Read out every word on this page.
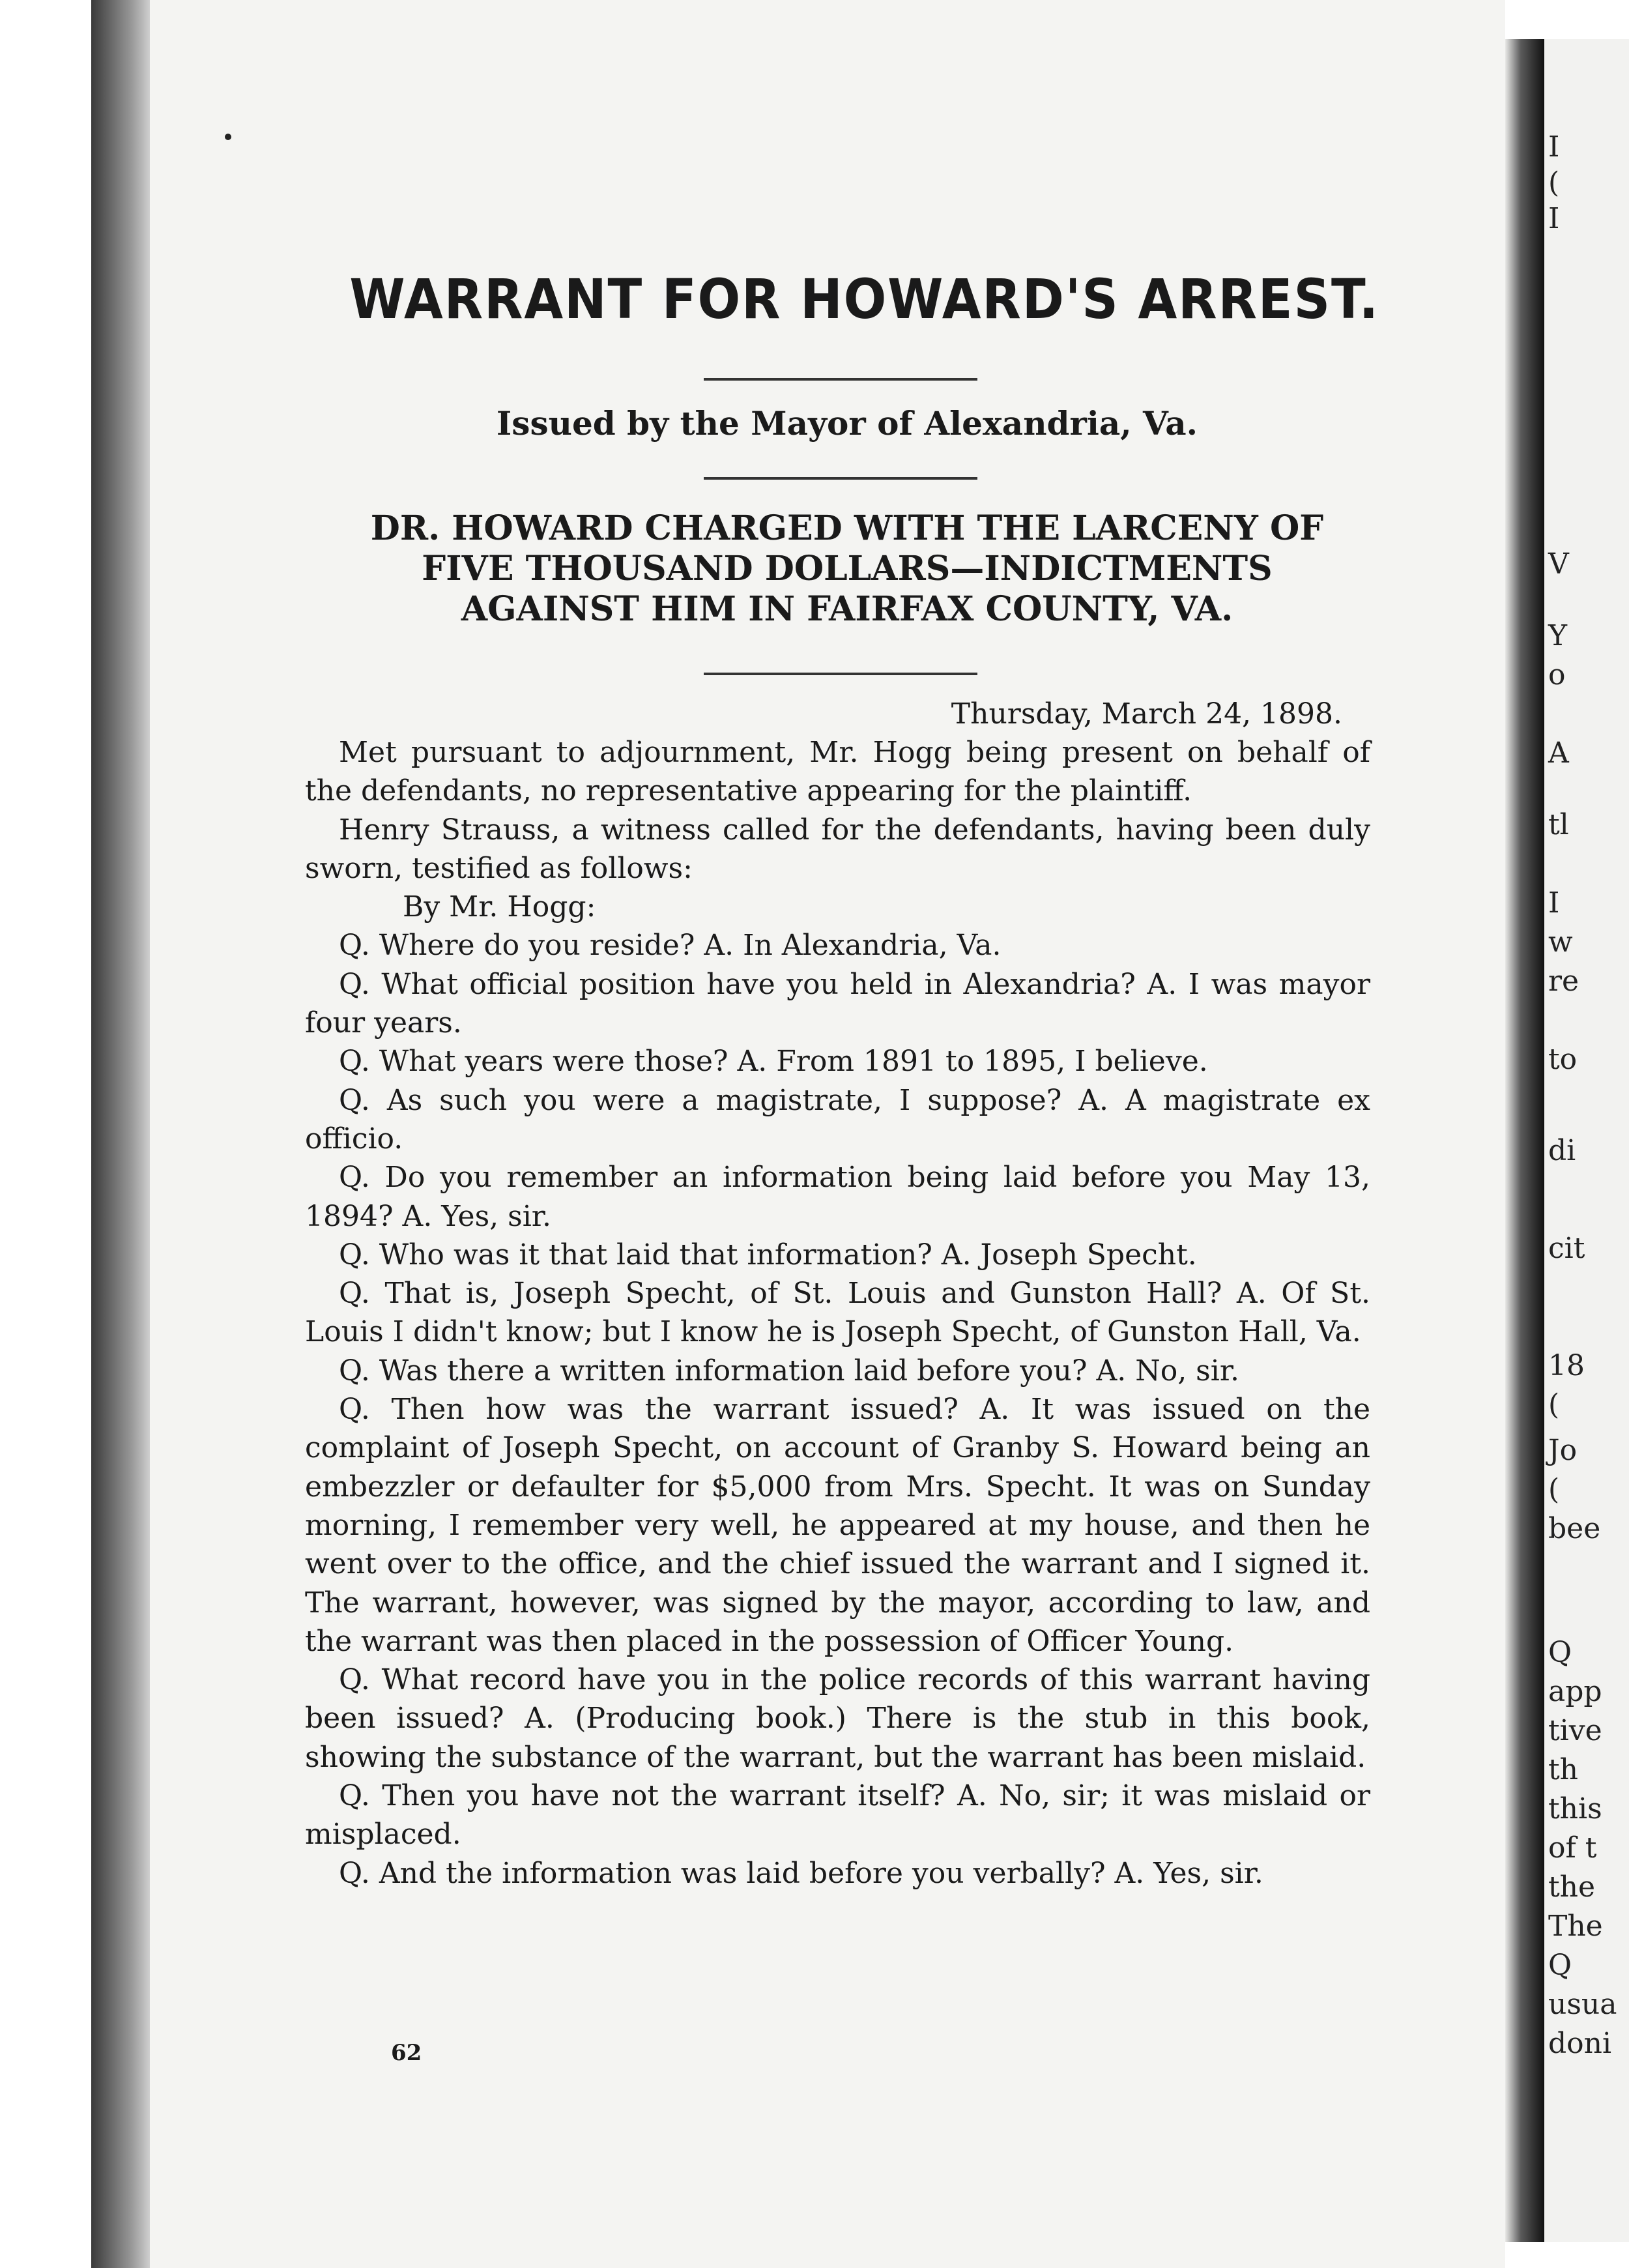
WARRANT FOR HOWARD'S ARREST.
Issued by the Mayor of Alexandria, Va.
DR. HOWARD CHARGED WITH THE LARCENY OF
FIVE THOUSAND DOLLARS—INDICTMENTS
AGAINST HIM IN FAIRFAX COUNTY, VA.
Thursday, March 24, 1898.

Met pursuant to adjournment, Mr. Hogg being present on behalf of the defendants, no representative appearing for the plaintiff.

Henry Strauss, a witness called for the defendants, having been duly sworn, testified as follows:

By Mr. Hogg:

Q. Where do you reside? A. In Alexandria, Va.

Q. What official position have you held in Alexandria? A. I was mayor four years.

Q. What years were those? A. From 1891 to 1895, I believe.

Q. As such you were a magistrate, I suppose? A. A magistrate ex officio.

Q. Do you remember an information being laid before you May 13, 1894? A. Yes, sir.

Q. Who was it that laid that information? A. Joseph Specht.

Q. That is, Joseph Specht, of St. Louis and Gunston Hall? A. Of St. Louis I didn't know; but I know he is Joseph Specht, of Gunston Hall, Va.

Q. Was there a written information laid before you? A. No, sir.

Q. Then how was the warrant issued? A. It was issued on the complaint of Joseph Specht, on account of Granby S. Howard being an embezzler or defaulter for $5,000 from Mrs. Specht. It was on Sunday morning, I remember very well, he appeared at my house, and then he went over to the office, and the chief issued the warrant and I signed it. The warrant, however, was signed by the mayor, according to law, and the warrant was then placed in the possession of Officer Young.

Q. What record have you in the police records of this warrant having been issued? A. (Producing book.) There is the stub in this book, showing the substance of the warrant, but the warrant has been mislaid.

Q. Then you have not the warrant itself? A. No, sir; it was mislaid or misplaced.

Q. And the information was laid before you verbally? A. Yes, sir.

62
I
(
I
V
Y
o
A
tl
I
w
re
to
di
cit
18
(
Jo
(
bee
Q
app
tive
th
this
of t
the
The
Q
usua
doni
